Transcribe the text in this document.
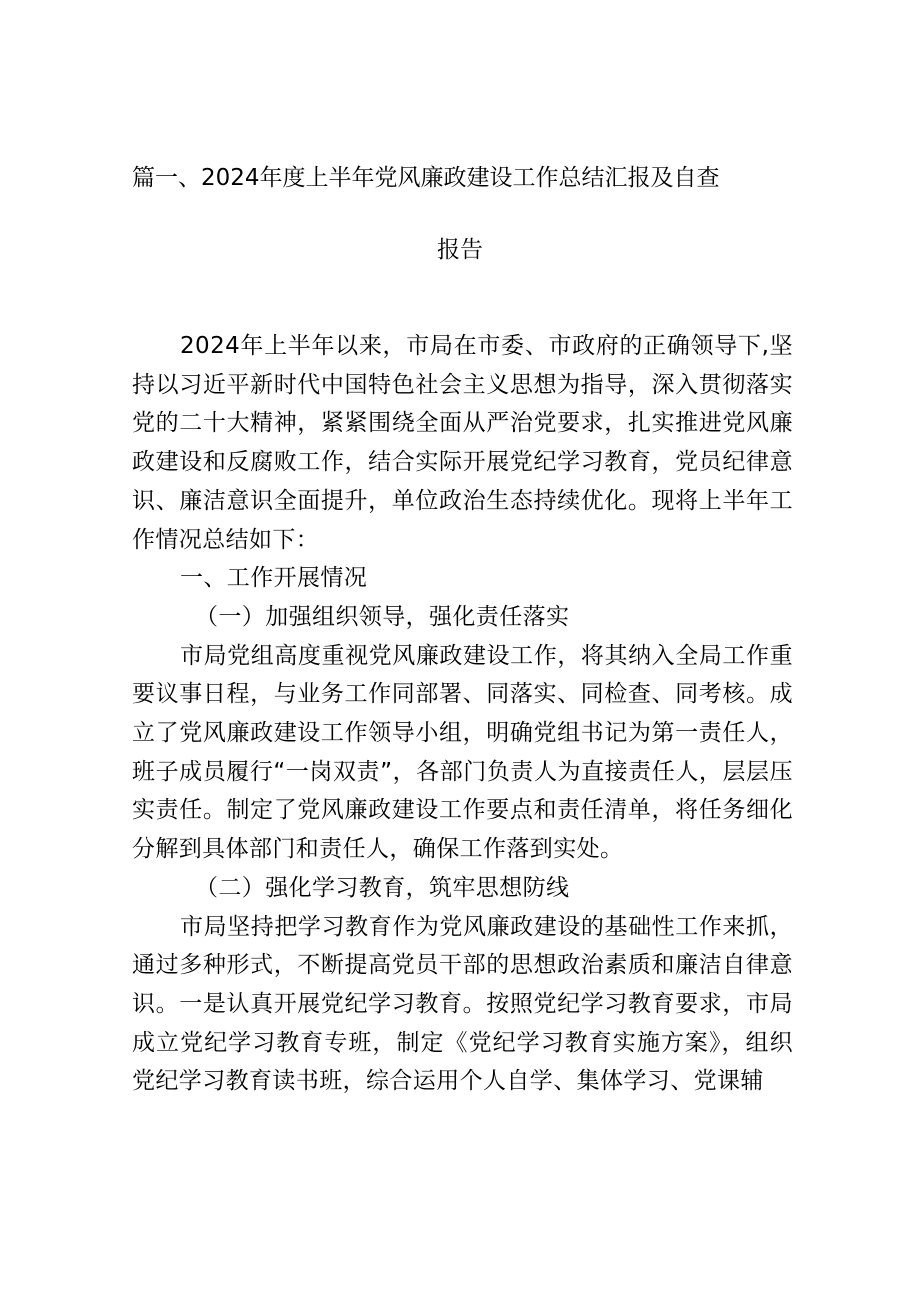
篇一、2024年度上半年党风廉政建设工作总结汇报及自查
报告

2024年上半年以来，市局在市委、市政府的正确领导下,坚持以习近平新时代中国特色社会主义思想为指导，深入贯彻落实党的二十大精神，紧紧围绕全面从严治党要求，扎实推进党风廉政建设和反腐败工作，结合实际开展党纪学习教育，党员纪律意识、廉洁意识全面提升，单位政治生态持续优化。现将上半年工作情况总结如下：

一、工作开展情况

（一）加强组织领导，强化责任落实

市局党组高度重视党风廉政建设工作，将其纳入全局工作重要议事日程，与业务工作同部署、同落实、同检查、同考核。成立了党风廉政建设工作领导小组，明确党组书记为第一责任人，班子成员履行“一岗双责”，各部门负责人为直接责任人，层层压实责任。制定了党风廉政建设工作要点和责任清单，将任务细化分解到具体部门和责任人，确保工作落到实处。

（二）强化学习教育，筑牢思想防线

市局坚持把学习教育作为党风廉政建设的基础性工作来抓，通过多种形式，不断提高党员干部的思想政治素质和廉洁自律意识。一是认真开展党纪学习教育。按照党纪学习教育要求，市局成立党纪学习教育专班，制定《党纪学习教育实施方案》，组织党纪学习教育读书班，综合运用个人自学、集体学习、党课辅
